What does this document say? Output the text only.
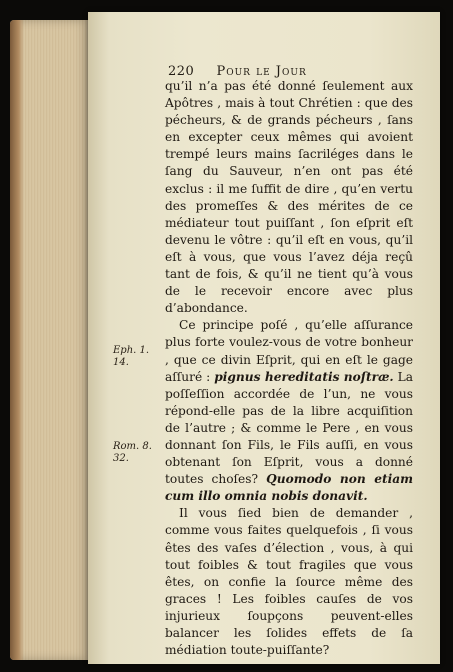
220 Pour le Jour
Eph. 1. 14.
Rom. 8. 32.

qu’il n’a pas été donné ſeulement aux Apôtres , mais à tout Chrétien : que des pécheurs, & de grands pécheurs , ſans en excepter ceux mêmes qui avoient trempé leurs mains ſacriléges dans le ſang du Sauveur, n’en ont pas été exclus : il me ſuffit de dire , qu’en vertu des promeſſes & des mérites de ce médiateur tout puiſſant , ſon eſprit eſt devenu le vôtre : qu’il eſt en vous, qu’il eſt à vous, que vous l’avez déja reçû tant de fois, & qu’il ne tient qu’à vous de le recevoir encore avec plus d’abondance.

Ce principe poſé , qu’elle aſſurance plus forte voulez-vous de votre bonheur , que ce divin Eſprit, qui en eſt le gage aſſuré : pignus hereditatis noſtræ. La poſſeſſion accordée de l’un, ne vous répond-elle pas de la libre acquiſition de l’autre ; & comme le Pere , en vous donnant ſon Fils, le Fils auſſi, en vous obtenant ſon Eſprit, vous a donné toutes choſes? Quomodo non etiam cum illo omnia nobis donavit.

Il vous ſied bien de demander , comme vous faites quelquefois , ſi vous êtes des vaſes d’élection , vous, à qui tout foibles & tout fragiles que vous êtes, on confie la ſource même des graces ! Les foibles cauſes de vos injurieux ſoupçons peuvent-elles balancer les ſolides effets de ſa médiation toute-puiſſante?
